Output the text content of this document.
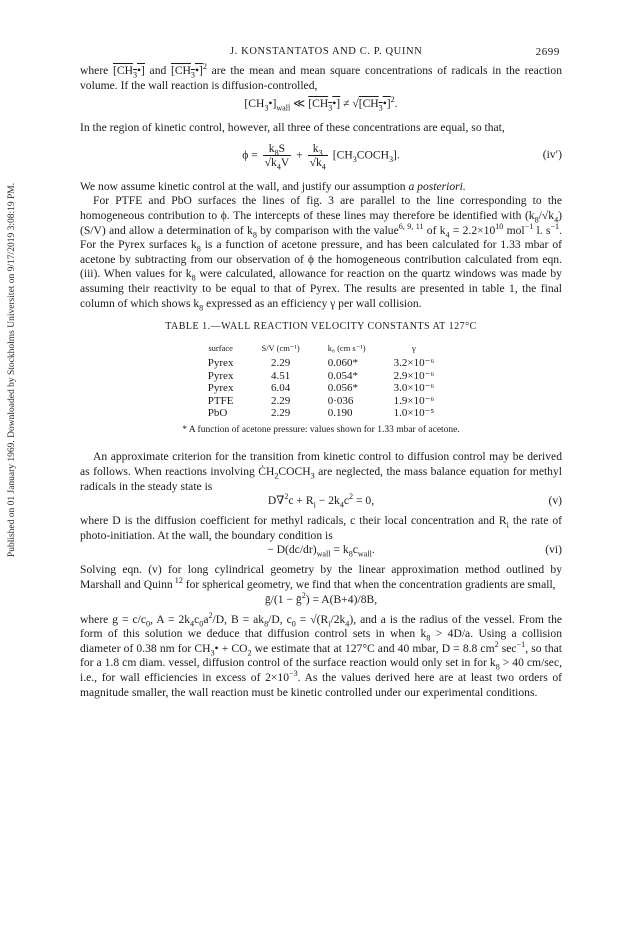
Published on 01 January 1969. Downloaded by Stockholms Universitet on 9/17/2019 3:08:19 PM.
J. KONSTANTATOS AND C. P. QUINN	2699

where $[CH_3•]$ and $[CH_3•]^2$ are the mean and mean square concentrations of radicals in the reaction volume. If the wall reaction is diffusion-controlled,

$[CH_3•]_{wall}$ ≪ $[CH_3•]$ ≠ $√[CH_3•]^2$.

In the region of kinetic control, however, all three of these concentrations are equal, so that,

$\phi = \frac{k_8S}{√k_4V} + \frac{k_3}{√k_4}$ $[CH_3COCH_3]$.	(iv′)

We now assume kinetic control at the wall, and justify our assumption a posteriori.

For PTFE and PbO surfaces the lines of fig. 3 are parallel to the line corresponding to the homogeneous contribution to ϕ. The intercepts of these lines may therefore be identified with $(k_8/√k_4)$ (S/V) and allow a determination of $k_8$ by comparison with the value$^{6, 9, 11}$ of $k_4 = 2.2\times 10^{10}$ mol$^{-1}$ l. $s^{-1}$. For the Pyrex surfaces $k_8$ is a function of acetone pressure, and has been calculated for 1.33 mbar of acetone by subtracting from our observation of ϕ the homogeneous contribution calculated from eqn. (iii). When values for $k_8$ were calculated, allowance for reaction on the quartz windows was made by assuming their reactivity to be equal to that of Pyrex. The results are presented in table 1, the final column of which shows $k_8$ expressed as an efficiency γ per wall collision.

TABLE 1.—WALL REACTION VELOCITY CONSTANTS AT 127°C
surface	S/V (cm⁻¹)	k₈ (cm s⁻¹)	γ
Pyrex	2.29	0.060*	3.2×10⁻⁶
Pyrex	4.51	0.054*	2.9×10⁻⁶
Pyrex	6.04	0.056*	3.0×10⁻⁶
PTFE	2.29	0·036	1.9×10⁻⁶
PbO	2.29	0.190	1.0×10⁻⁵
* A function of acetone pressure: values shown for 1.33 mbar of acetone.

An approximate criterion for the transition from kinetic control to diffusion control may be derived as follows. When reactions involving $ĊH_2COCH_3$ are neglected, the mass balance equation for methyl radicals in the steady state is

$D\nabla^2c + R_i - 2k_4c^2 = 0$,	(v)

where D is the diffusion coefficient for methyl radicals, c their local concentration and $R_i$ the rate of photo-initiation. At the wall, the boundary condition is

− $D(dc/dr)_{wall} = k_8c_{wall}$.	(vi)

Solving eqn. (v) for long cylindrical geometry by the linear approximation method outlined by Marshall and Quinn $^{12}$ for spherical geometry, we find that when the concentration gradients are small,

ḡ/(1 − ḡ$^2$) = A(B+4)/8B,

where $g = c/c_0$, $A = 2k_4c_0a^2/D$, $B = ak_8/D$, $c_0 = √(R_i/2k_4)$, and a is the radius of the vessel. From the form of this solution we deduce that diffusion control sets in when $k_8 > 4D/a$. Using a collision diameter of 0.38 nm for $CH_3• + CO_2$ we estimate that at 127°C and 40 mbar, D = 8.8 $cm^2$ $\sec^{-1}$, so that for a 1.8 cm diam. vessel, diffusion control of the surface reaction would only set in for $k_8 > 40$ cm/sec, i.e., for wall efficiencies in excess of $2\times 10^{-3}$. As the values derived here are at least two orders of magnitude smaller, the wall reaction must be kinetic controlled under our experimental conditions.
